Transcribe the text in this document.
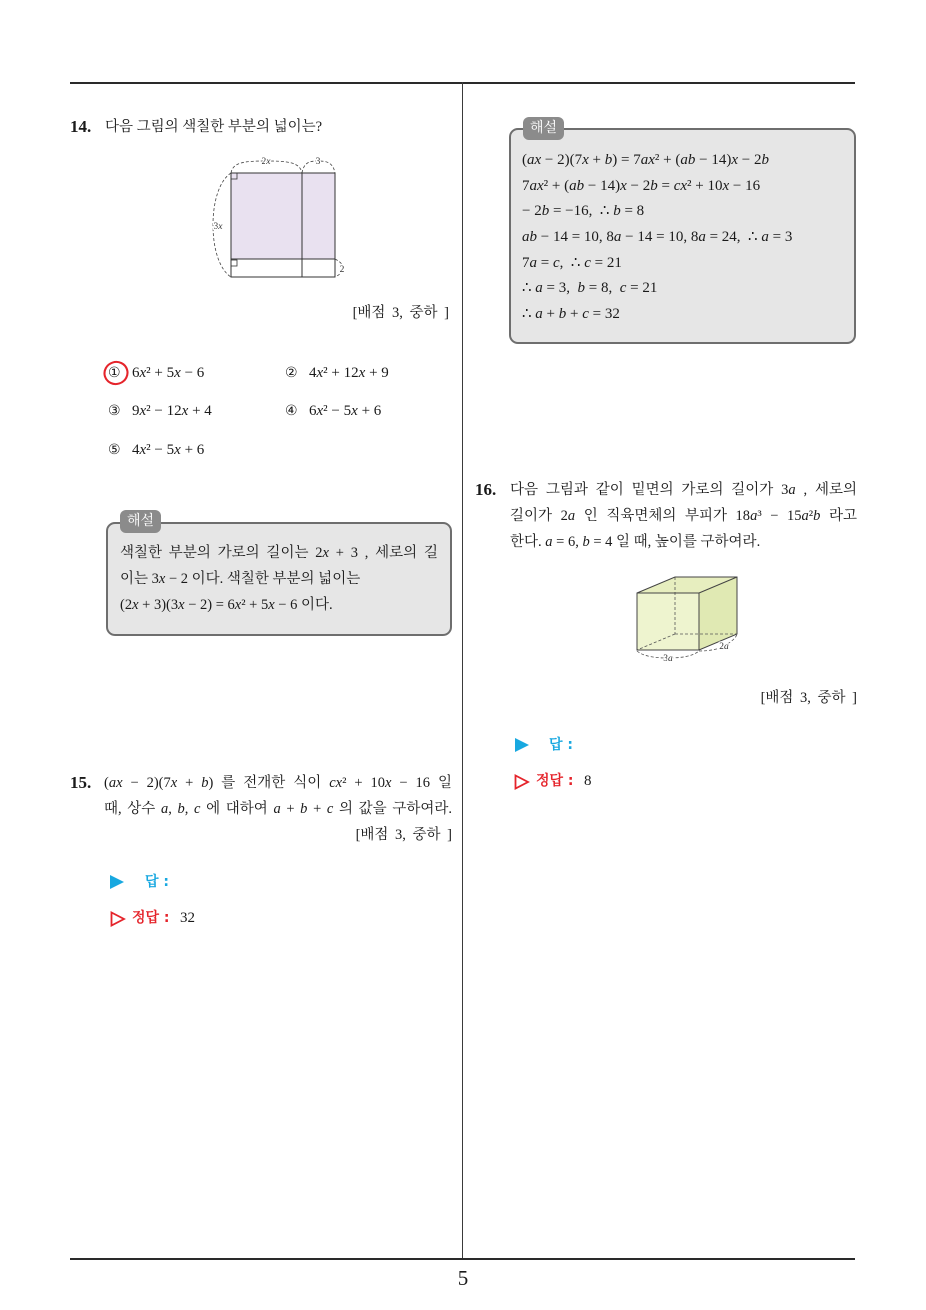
5
14. 다음 그림의 색칠한 부분의 넓이는?
2x	3
3x
2
[배점 3, 중하 ]
① 6x² + 5x − 6	② 4x² + 12x + 9
③ 9x² − 12x + 4	④ 6x² − 5x + 6
⑤ 4x² − 5x + 6
색칠한 부분의 가로의 길이는 2x + 3 , 세로의 길
이는 3x − 2 이다. 색칠한 부분의 넓이는
(2x + 3)(3x − 2) = 6x² + 5x − 6 이다.
해설
15. (ax − 2)(7x + b) 를 전개한 식이 cx² + 10x − 16 일
때, 상수 a, b, c 에 대하여 a + b + c 의 값을 구하여라.
[배점 3, 중하 ]
답 :
정답 : 32
(ax − 2)(7x + b) = 7ax² + (ab − 14)x − 2b
7ax² + (ab − 14)x − 2b = cx² + 10x − 16
− 2b = −16,  ∴ b = 8
ab − 14 = 10, 8a − 14 = 10, 8a = 24,  ∴ a = 3
7a = c,  ∴ c = 21
∴ a = 3,  b = 8,  c = 21
∴ a + b + c = 32
해설
16. 다음 그림과 같이 밑면의 가로의 길이가 3a , 세로의
길이가 2a 인 직육면체의 부피가 18a³ − 15a²b 라고
한다. a = 6, b = 4 일 때, 높이를 구하여라.
3a
2a
[배점 3, 중하 ]
답 :
정답 : 8
